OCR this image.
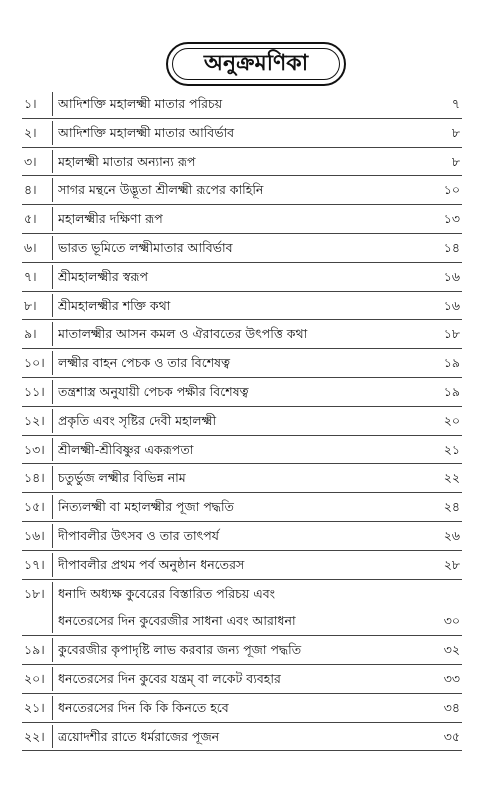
অনুক্রমণিকা
১।	আদিশক্তি মহালক্ষ্মী মাতার পরিচয়	৭
২।	আদিশক্তি মহালক্ষ্মী মাতার আবির্ভাব	৮
৩।	মহালক্ষ্মী মাতার অন্যান্য রূপ	৮
৪।	সাগর মন্থনে উদ্ভূতা শ্রীলক্ষ্মী রূপের কাহিনি	১০
৫।	মহালক্ষ্মীর দক্ষিণা রূপ	১৩
৬।	ভারত ভূমিতে লক্ষ্মীমাতার আবির্ভাব	১৪
৭।	শ্রীমহালক্ষ্মীর স্বরূপ	১৬
৮।	শ্রীমহালক্ষ্মীর শক্তি কথা	১৬
৯।	মাতালক্ষ্মীর আসন কমল ও ঐরাবতের উৎপত্তি কথা	১৮
১০।	লক্ষ্মীর বাহন পেচক ও তার বিশেষত্ব	১৯
১১।	তন্ত্রশাস্ত্র অনুযায়ী পেচক পক্ষীর বিশেষত্ব	১৯
১২।	প্রকৃতি এবং সৃষ্টির দেবী মহালক্ষ্মী	২০
১৩।	শ্রীলক্ষ্মী-শ্রীবিষ্ণুর একরূপতা	২১
১৪।	চতুর্ভুজ লক্ষ্মীর বিভিন্ন নাম	২২
১৫।	নিত্যলক্ষ্মী বা মহালক্ষ্মীর পূজা পদ্ধতি	২৪
১৬।	দীপাবলীর উৎসব ও তার তাৎপর্য	২৬
১৭।	দীপাবলীর প্রথম পর্ব অনুষ্ঠান ধনতেরস	২৮
১৮।	ধনাদি অধ্যক্ষ কুবেরের বিস্তারিত পরিচয় এবং
ধনতেরসের দিন কুবেরজীর সাধনা এবং আরাধনা	৩০
১৯।	কুবেরজীর কৃপাদৃষ্টি লাভ করবার জন্য পূজা পদ্ধতি	৩২
২০।	ধনতেরসের দিন কুবের যন্ত্রম্ বা লকেট ব্যবহার	৩৩
২১।	ধনতেরসের দিন কি কি কিনতে হবে	৩৪
২২।	ত্রয়োদশীর রাতে ধর্মরাজের পূজন	৩৫
